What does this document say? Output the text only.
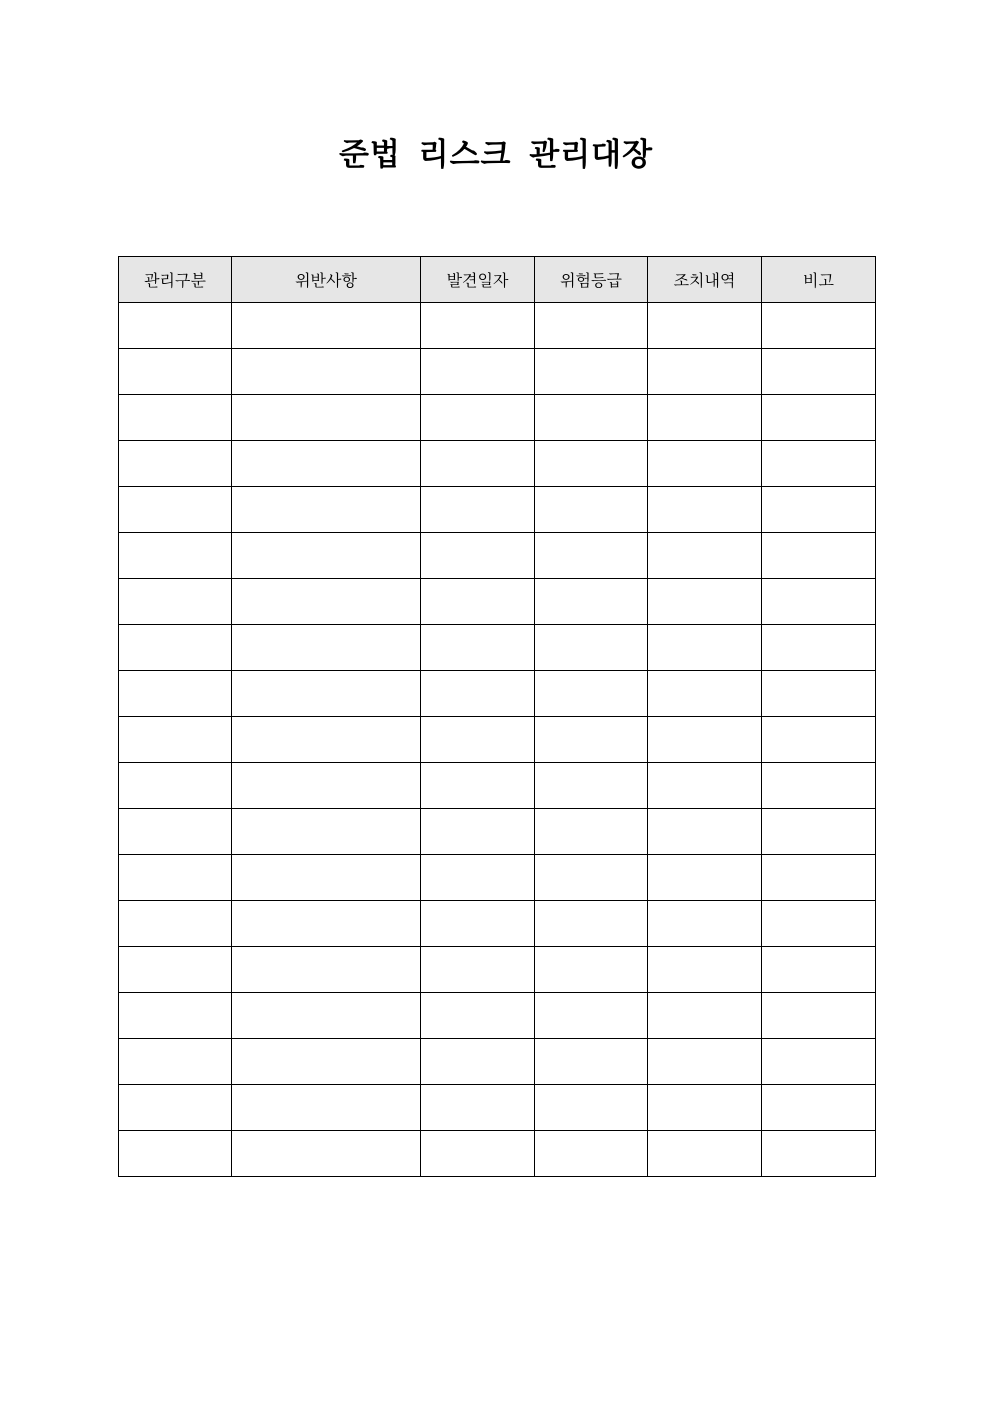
준법 리스크 관리대장
관리구분	위반사항	발견일자	위험등급	조치내역	비고
